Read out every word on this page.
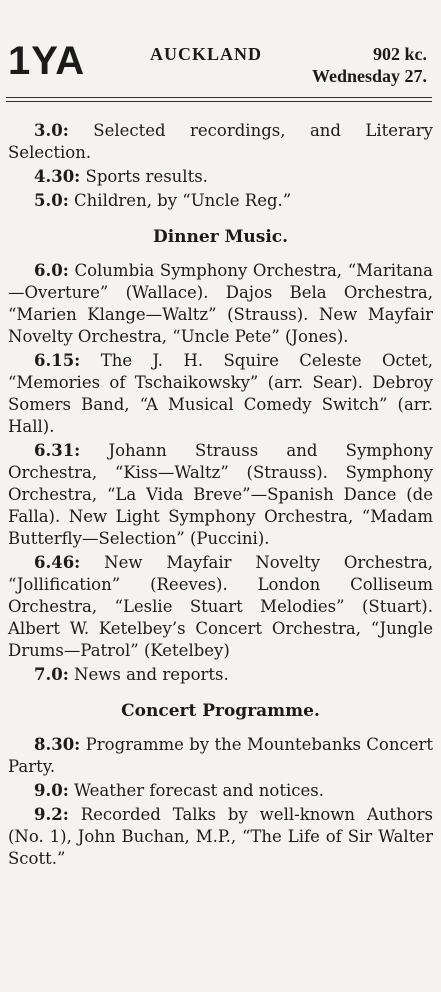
1YA	AUCKLAND	902 kc.
Wednesday 27.

3.0: Selected recordings, and Literary Selection.

4.30: Sports results.

5.0: Children, by “Uncle Reg.”

Dinner Music.

6.0: Columbia Symphony Orchestra, “Maritana—Overture” (Wallace). Dajos Bela Orchestra, “Marien Klange—Waltz” (Strauss). New Mayfair Novelty Orchestra, “Uncle Pete” (Jones).

6.15: The J. H. Squire Celeste Octet, “Memories of Tschaikowsky” (arr. Sear). Debroy Somers Band, “A Musical Comedy Switch” (arr. Hall).

6.31: Johann Strauss and Symphony Orchestra, “Kiss—Waltz” (Strauss). Symphony Orchestra, “La Vida Breve”—Spanish Dance (de Falla). New Light Symphony Orchestra, “Madam Butterfly—Selection” (Puccini).

6.46: New Mayfair Novelty Orchestra, “Jollification” (Reeves). London Colliseum Orchestra, “Leslie Stuart Melodies” (Stuart). Albert W. Ketelbey’s Concert Orchestra, “Jungle Drums—Patrol” (Ketelbey)

7.0: News and reports.

Concert Programme.

8.30: Programme by the Mountebanks Concert Party.

9.0: Weather forecast and notices.

9.2: Recorded Talks by well-known Authors (No. 1), John Buchan, M.P., “The Life of Sir Walter Scott.”
